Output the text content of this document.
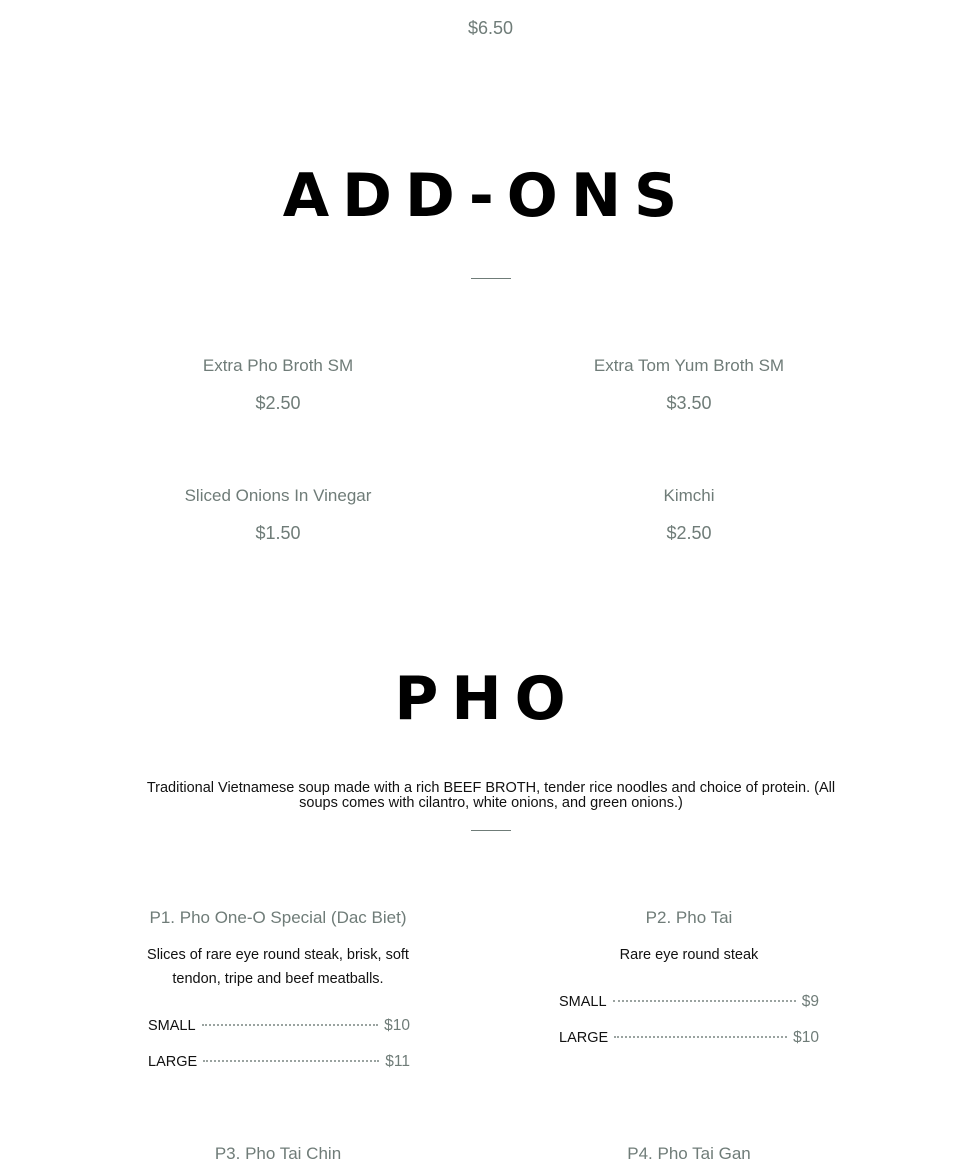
$6.50
ADD-ONS
Extra Pho Broth SM
$2.50
Extra Tom Yum Broth SM
$3.50
Sliced Onions In Vinegar
$1.50
Kimchi
$2.50
PHO
Traditional Vietnamese soup made with a rich BEEF BROTH, tender rice noodles and choice of protein. (All soups comes with cilantro, white onions, and green onions.)
P1. Pho One-O Special (Dac Biet)
Slices of rare eye round steak, brisk, soft tendon, tripe and beef meatballs.
SMALL	$10
LARGE	$11
P2. Pho Tai
Rare eye round steak
SMALL	$9
LARGE	$10
P3. Pho Tai Chin	P4. Pho Tai Gan
